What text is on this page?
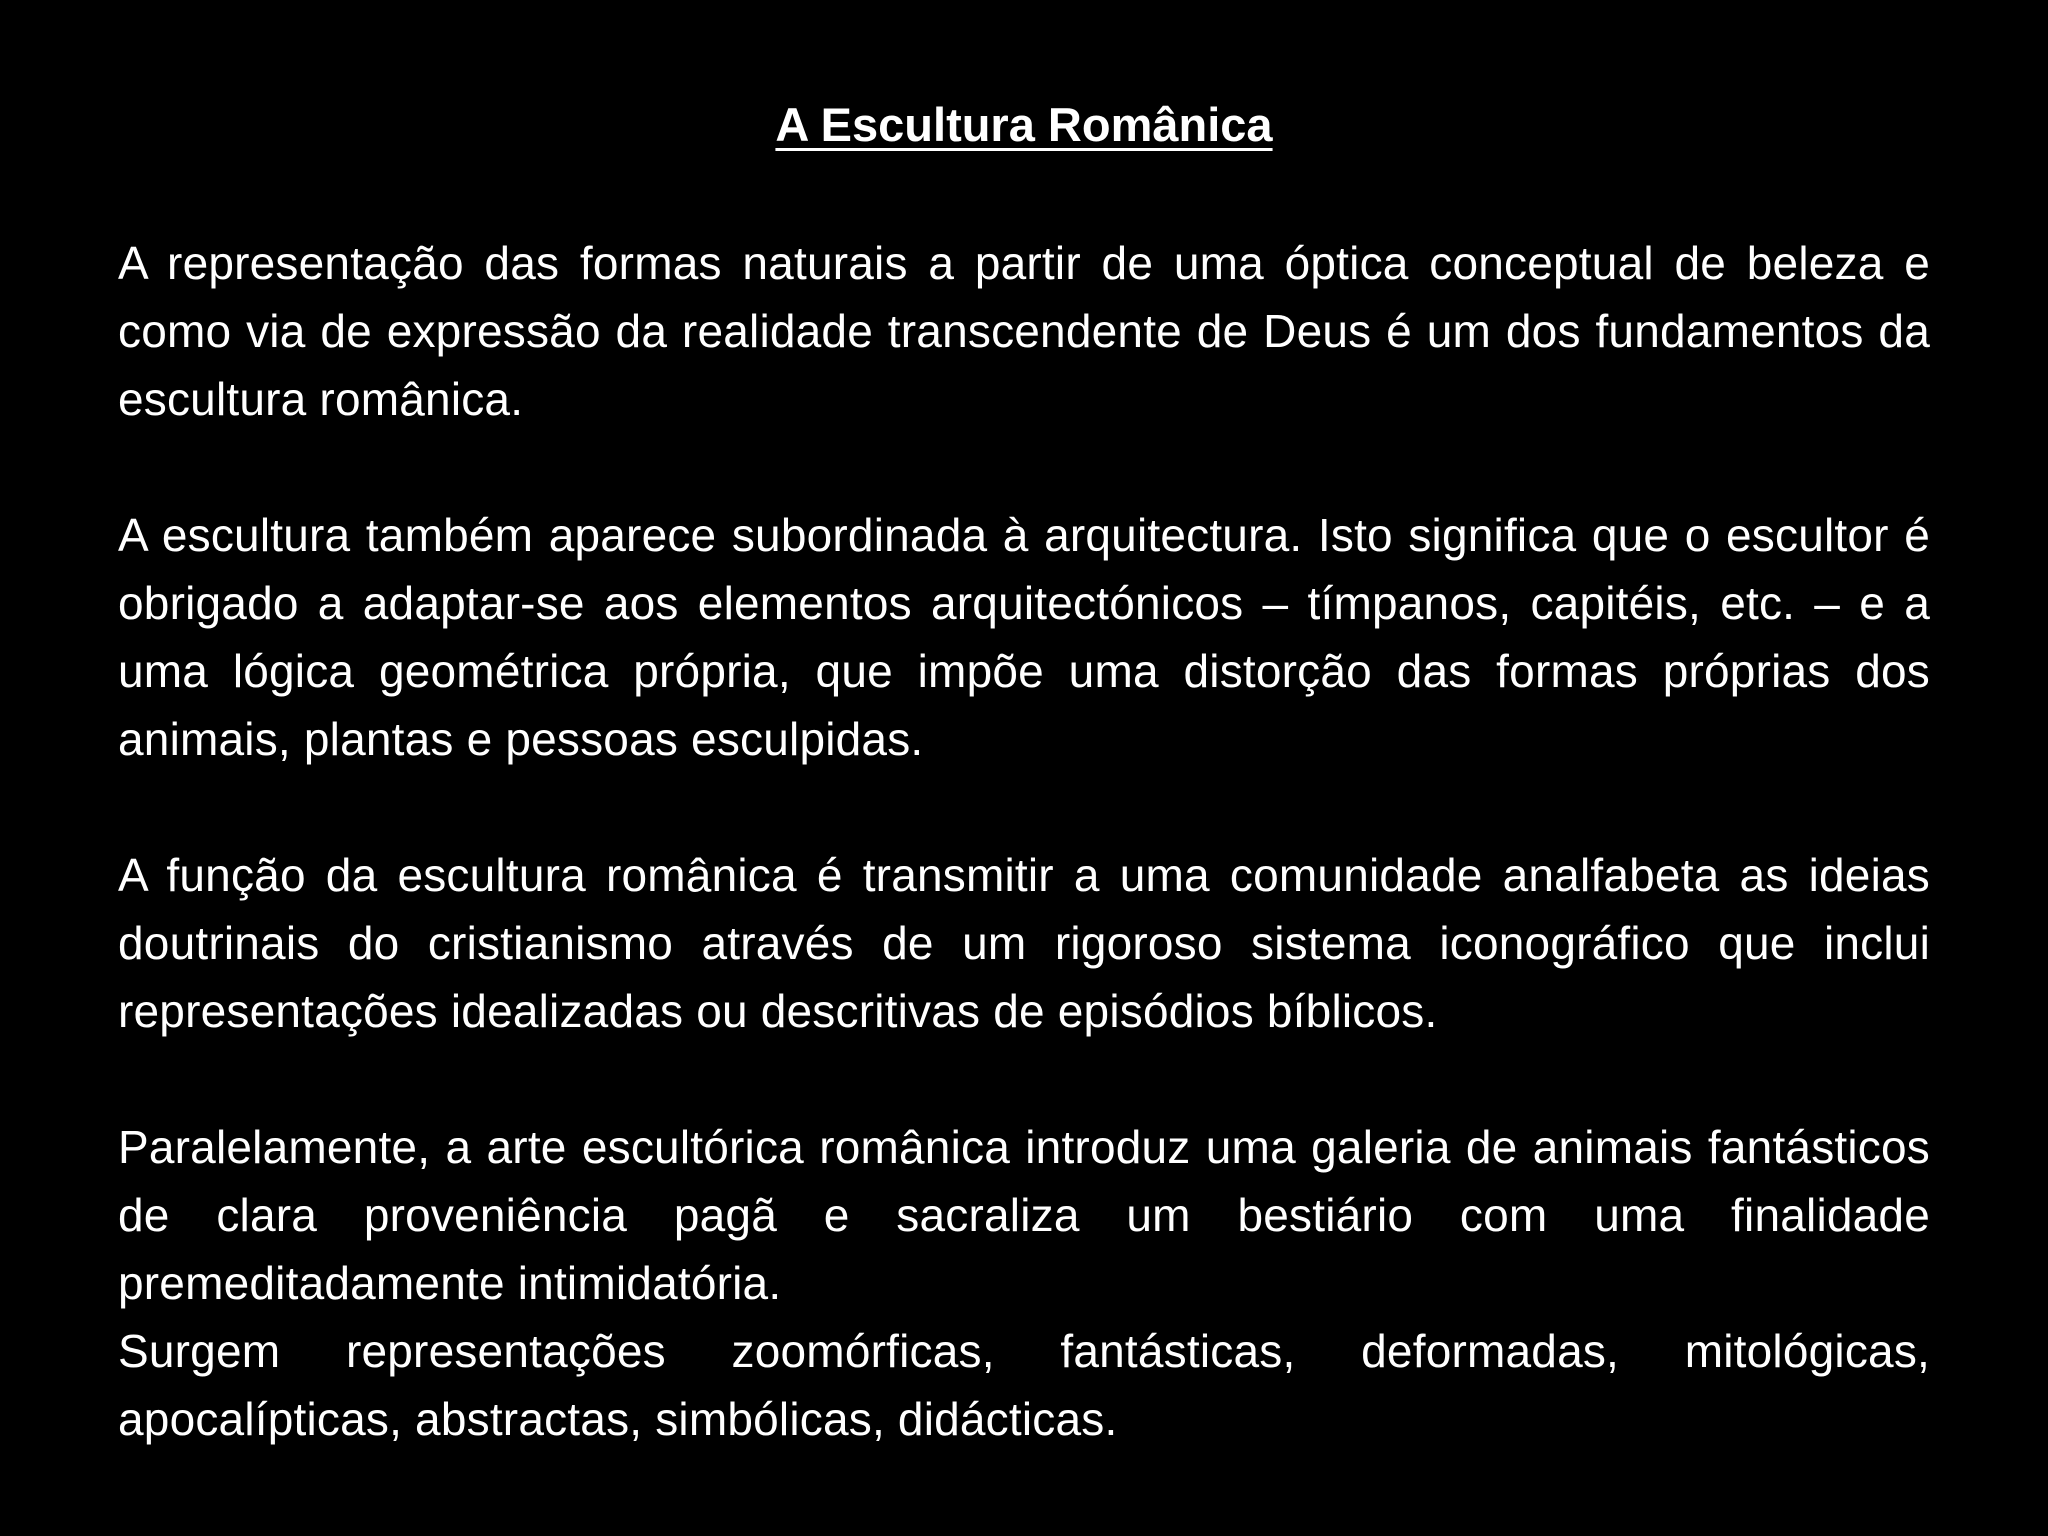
A Escultura Românica

A representação das formas naturais a partir de uma óptica conceptual de beleza e como via de expressão da realidade transcendente de Deus é um dos fundamentos da escultura românica.

A escultura também aparece subordinada à arquitectura. Isto significa que o escultor é obrigado a adaptar-se aos elementos arquitectónicos – tímpanos, capitéis, etc. – e a uma lógica geométrica própria, que impõe uma distorção das formas próprias dos animais, plantas e pessoas esculpidas.

A função da escultura românica é transmitir a uma comunidade analfabeta as ideias doutrinais do cristianismo através de um rigoroso sistema iconográfico que inclui representações idealizadas ou descritivas de episódios bíblicos.

Paralelamente, a arte escultórica românica introduz uma galeria de animais fantásticos de clara proveniência pagã e sacraliza um bestiário com uma finalidade premeditadamente intimidatória.

Surgem representações zoomórficas, fantásticas, deformadas, mitológicas, apocalípticas, abstractas, simbólicas, didácticas.
